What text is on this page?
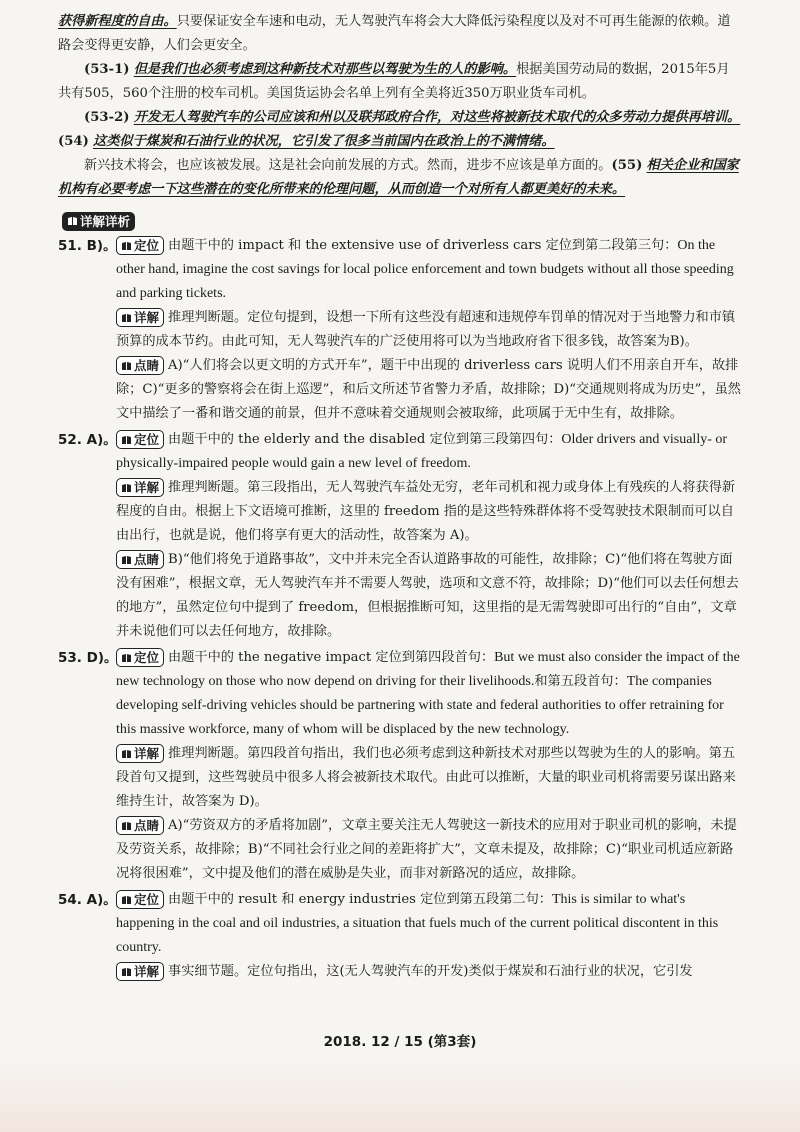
获得新程度的自由。只要保证安全车速和电动，无人驾驶汽车将会大大降低污染程度以及对不可再生能源的依赖。道路会变得更安静，人们会更安全。

(53-1) 但是我们也必须考虑到这种新技术对那些以驾驶为生的人的影响。根据美国劳动局的数据，2015年5月共有505，560个注册的校车司机。美国货运协会名单上列有全美将近350万职业货车司机。

(53-2) 开发无人驾驶汽车的公司应该和州以及联邦政府合作，对这些将被新技术取代的众多劳动力提供再培训。(54) 这类似于煤炭和石油行业的状况，它引发了很多当前国内在政治上的不满情绪。

新兴技术将会，也应该被发展。这是社会向前发展的方式。然而，进步不应该是单方面的。(55) 相关企业和国家机构有必要考虑一下这些潜在的变化所带来的伦理问题，从而创造一个对所有人都更美好的未来。

详解详析
51. B)。 定位 由题干中的 impact 和 the extensive use of driverless cars 定位到第二段第三句：On the other hand, imagine the cost savings for local police enforcement and town budgets without all those speeding and parking tickets.
详解 推理判断题。定位句提到，设想一下所有这些没有超速和违规停车罚单的情况对于当地警力和市镇预算的成本节约。由此可知，无人驾驶汽车的广泛使用将可以为当地政府省下很多钱，故答案为B)。
点睛 A)“人们将会以更文明的方式开车”，题干中出现的 driverless cars 说明人们不用亲自开车，故排除；C)“更多的警察将会在街上巡逻”，和后文所述节省警力矛盾，故排除；D)“交通规则将成为历史”，虽然文中描绘了一番和谐交通的前景，但并不意味着交通规则会被取缔，此项属于无中生有，故排除。
52. A)。 定位 由题干中的 the elderly and the disabled 定位到第三段第四句：Older drivers and visually- or physically-impaired people would gain a new level of freedom.
详解 推理判断题。第三段指出，无人驾驶汽车益处无穷，老年司机和视力或身体上有残疾的人将获得新程度的自由。根据上下文语境可推断，这里的 freedom 指的是这些特殊群体将不受驾驶技术限制而可以自由出行，也就是说，他们将享有更大的活动性，故答案为 A)。
点睛 B)“他们将免于道路事故”，文中并未完全否认道路事故的可能性，故排除；C)“他们将在驾驶方面没有困难”，根据文章，无人驾驶汽车并不需要人驾驶，选项和文意不符，故排除；D)“他们可以去任何想去的地方”，虽然定位句中提到了 freedom，但根据推断可知，这里指的是无需驾驶即可出行的“自由”，文章并未说他们可以去任何地方，故排除。
53. D)。 定位 由题干中的 the negative impact 定位到第四段首句：But we must also consider the impact of the new technology on those who now depend on driving for their livelihoods.和第五段首句：The companies developing self-driving vehicles should be partnering with state and federal authorities to offer retraining for this massive workforce, many of whom will be displaced by the new technology.
详解 推理判断题。第四段首句指出，我们也必须考虑到这种新技术对那些以驾驶为生的人的影响。第五段首句又提到，这些驾驶员中很多人将会被新技术取代。由此可以推断，大量的职业司机将需要另谋出路来维持生计，故答案为 D)。
点睛 A)“劳资双方的矛盾将加剧”，文章主要关注无人驾驶这一新技术的应用对于职业司机的影响，未提及劳资关系，故排除；B)“不同社会行业之间的差距将扩大”，文章未提及，故排除；C)“职业司机适应新路况将很困难”，文中提及他们的潜在威胁是失业，而非对新路况的适应，故排除。
54. A)。 定位 由题干中的 result 和 energy industries 定位到第五段第二句：This is similar to what's happening in the coal and oil industries, a situation that fuels much of the current political discontent in this country.
详解 事实细节题。定位句指出，这(无人驾驶汽车的开发)类似于煤炭和石油行业的状况，它引发
2018. 12 / 15 (第3套)
